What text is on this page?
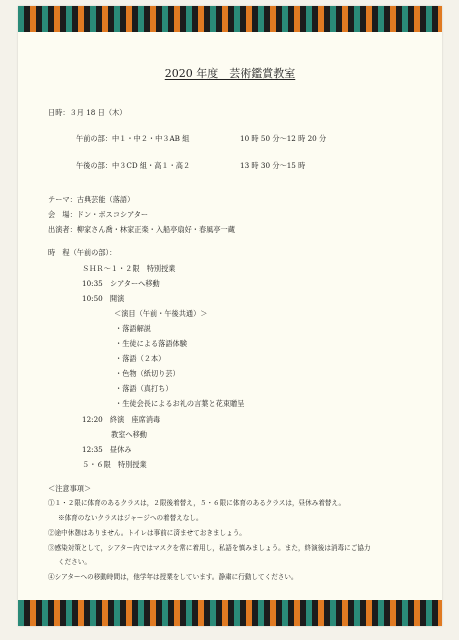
2020 年度　芸術鑑賞教室
日時：３月 18 日（木）
午前の部：中１・中２・中３AB 組	10 時 50 分〜12 時 20 分
午後の部：中３CD 組・高１・高２	13 時 30 分〜15 時
テーマ：古典芸能（落語）
会　場：ドン・ボスコシアター
出演者：柳家さん喬・林家正楽・入船亭扇好・春風亭一蔵
時　程（午前の部）：
ＳＨＲ〜１・２限　特別授業
10:35　シアターへ移動
10:50　開演
＜演目（午前・午後共通）＞
・落語解説
・生徒による落語体験
・落語（２本）
・色物（紙切り芸）
・落語（真打ち）
・生徒会長によるお礼の言葉と花束贈呈
12:20　終演　座席消毒
教室へ移動
12:35　昼休み
５・６限　特別授業
＜注意事項＞
①１・２限に体育のあるクラスは，２限後着替え，５・６限に体育のあるクラスは，昼休み着替え。
※体育のないクラスはジャージへの着替えなし。
②途中休憩はありません。トイレは事前に済ませておきましょう。
③感染対策として，シアター内ではマスクを常に着用し，私語を慎みましょう。また，終演後は消毒にご協力
ください。
④シアターへの移動時間は，他学年は授業をしています。静粛に行動してください。
